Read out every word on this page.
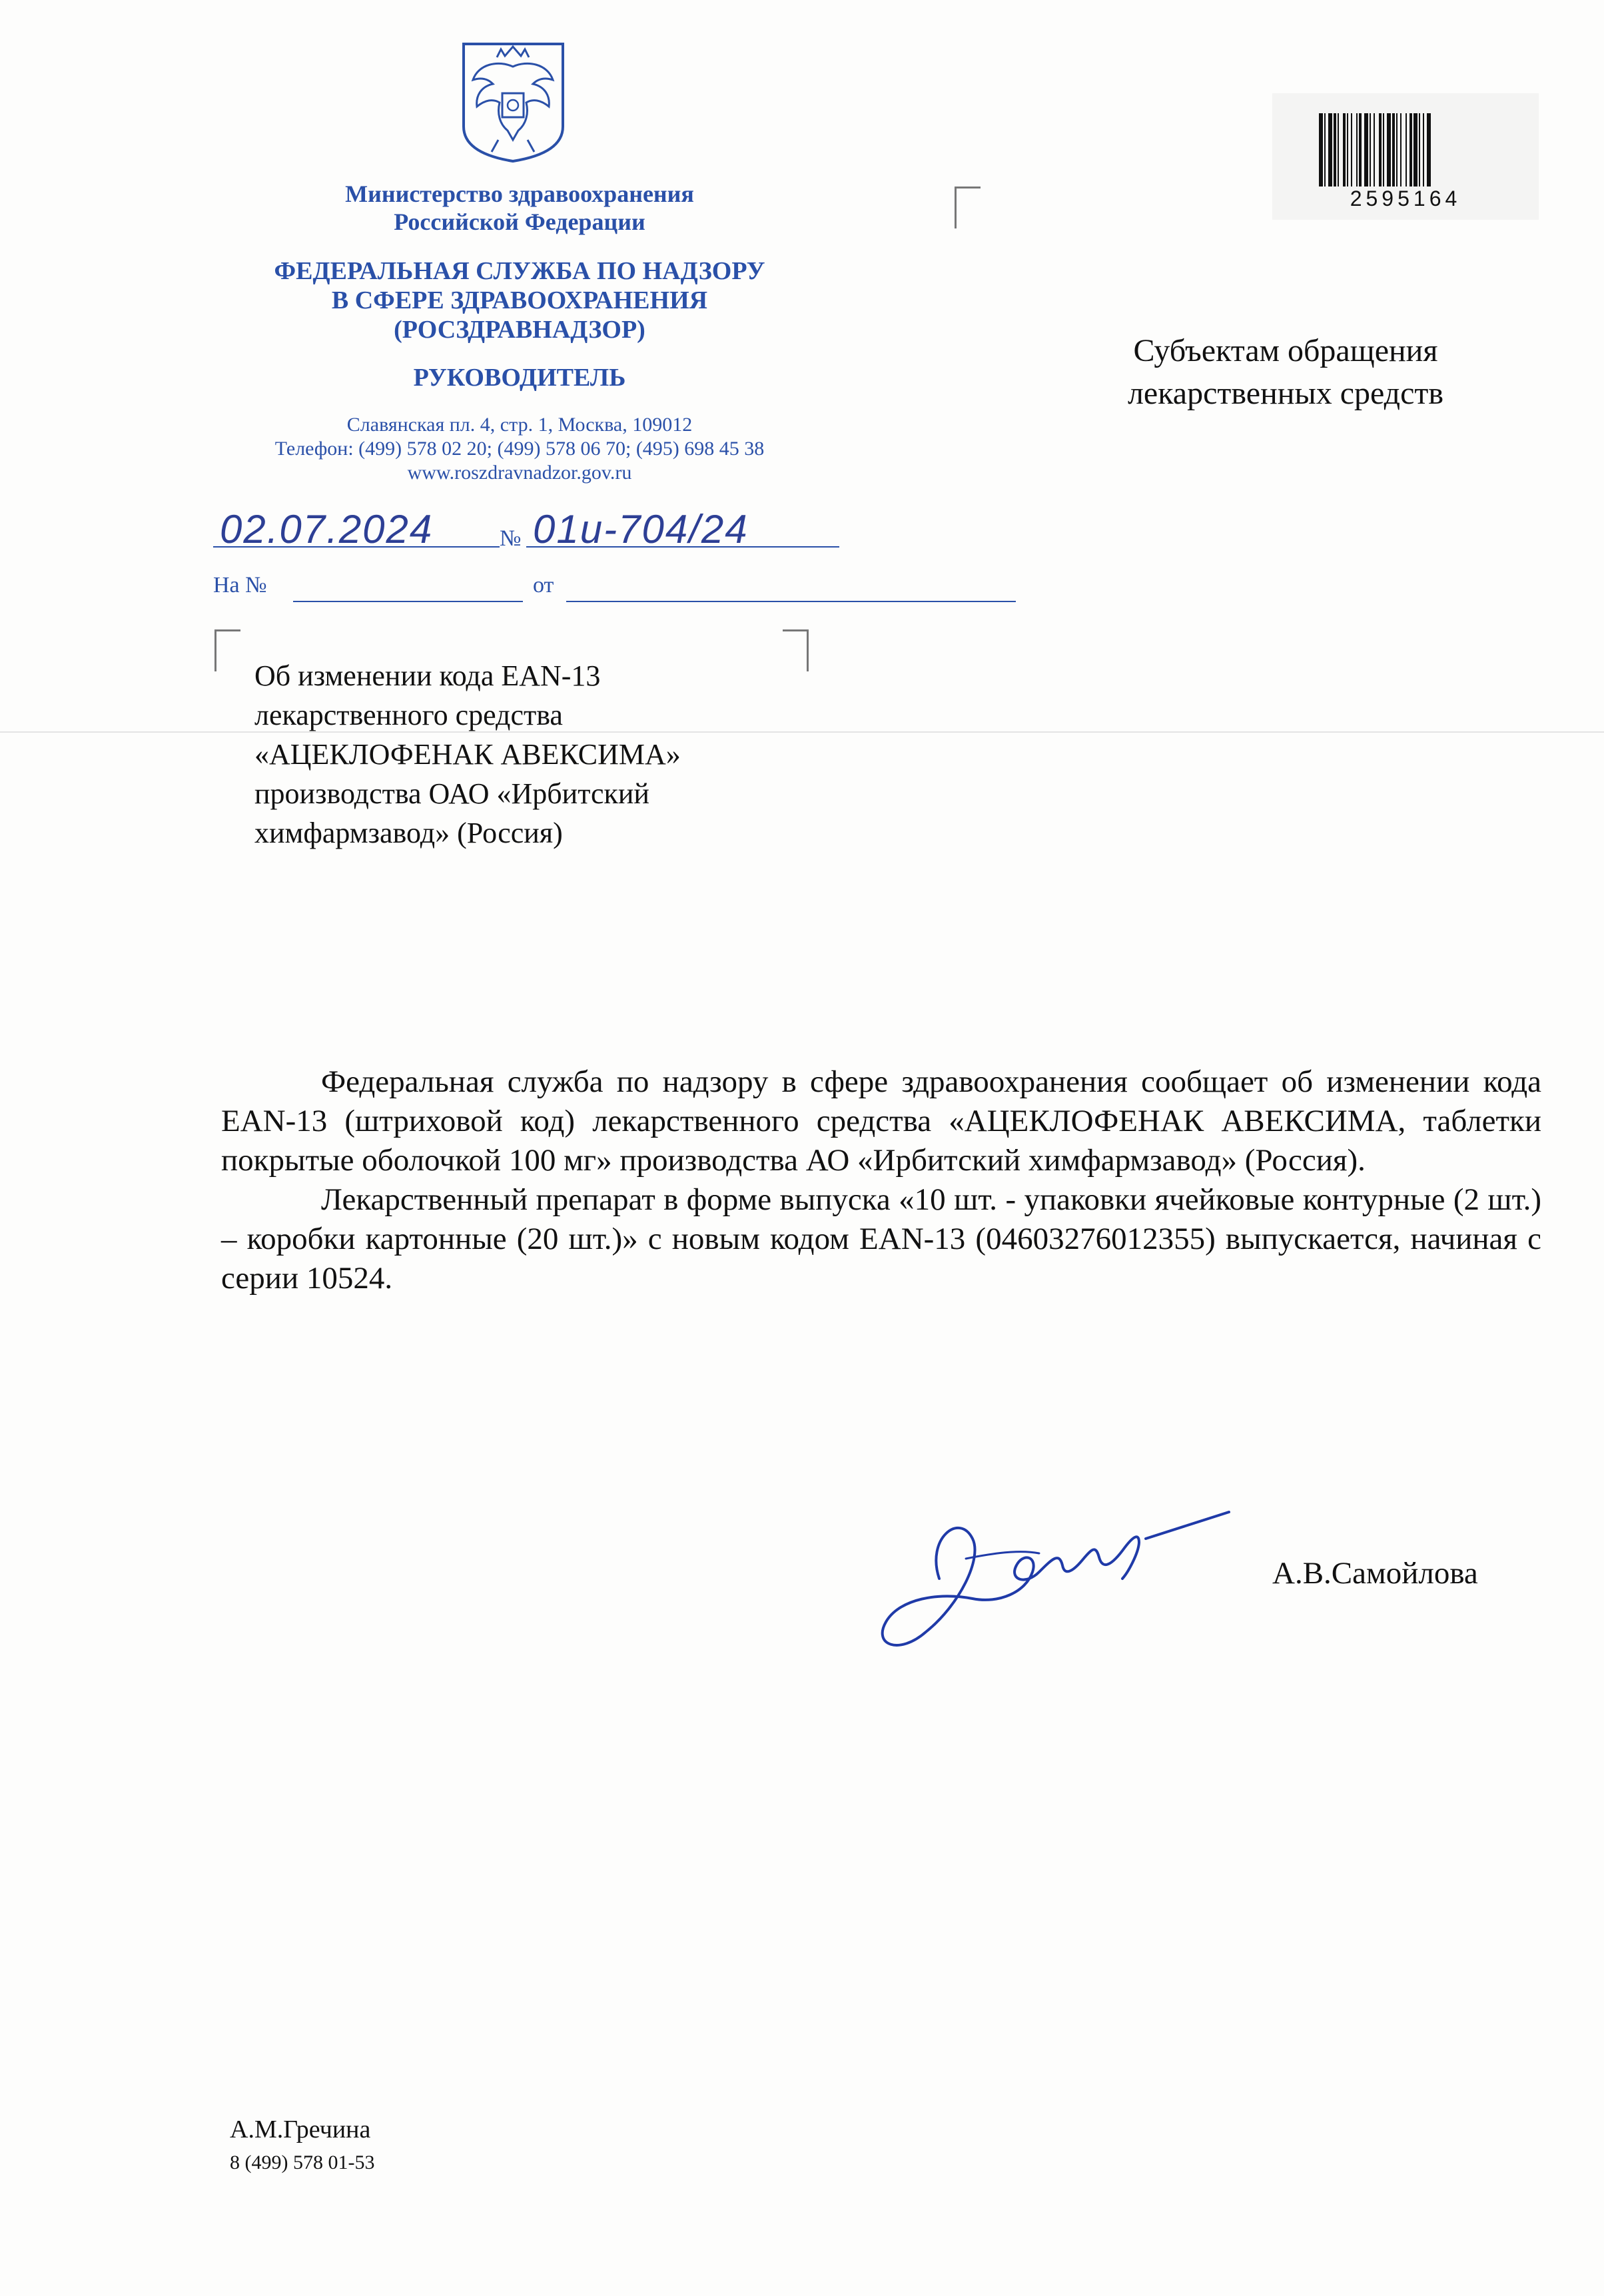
Министерство здравоохранения
Российской Федерации
ФЕДЕРАЛЬНАЯ СЛУЖБА ПО НАДЗОРУ
В СФЕРЕ ЗДРАВООХРАНЕНИЯ
(РОСЗДРАВНАДЗОР)
РУКОВОДИТЕЛЬ
Славянская пл. 4, стр. 1, Москва, 109012
Телефон: (499) 578 02 20; (499) 578 06 70; (495) 698 45 38
www.roszdravnadzor.gov.ru
02.07.2024	№ 01и-704/24
На №	от
2595164
Субъектам обращения
лекарственных средств
Об изменении кода EAN-13
лекарственного средства
«АЦЕКЛОФЕНАК АВЕКСИМА»
производства ОАО «Ирбитский
химфармзавод» (Россия)

Федеральная служба по надзору в сфере здравоохранения сообщает об изменении кода EAN-13 (штриховой код) лекарственного средства «АЦЕКЛОФЕНАК АВЕКСИМА, таблетки покрытые оболочкой 100 мг» производства АО «Ирбитский химфармзавод» (Россия).

Лекарственный препарат в форме выпуска «10 шт. - упаковки ячейковые контурные (2 шт.) – коробки картонные (20 шт.)» с новым кодом EAN-13 (04603276012355) выпускается, начиная с серии 10524.

А.В.Самойлова
А.М.Гречина
8 (499) 578 01-53
